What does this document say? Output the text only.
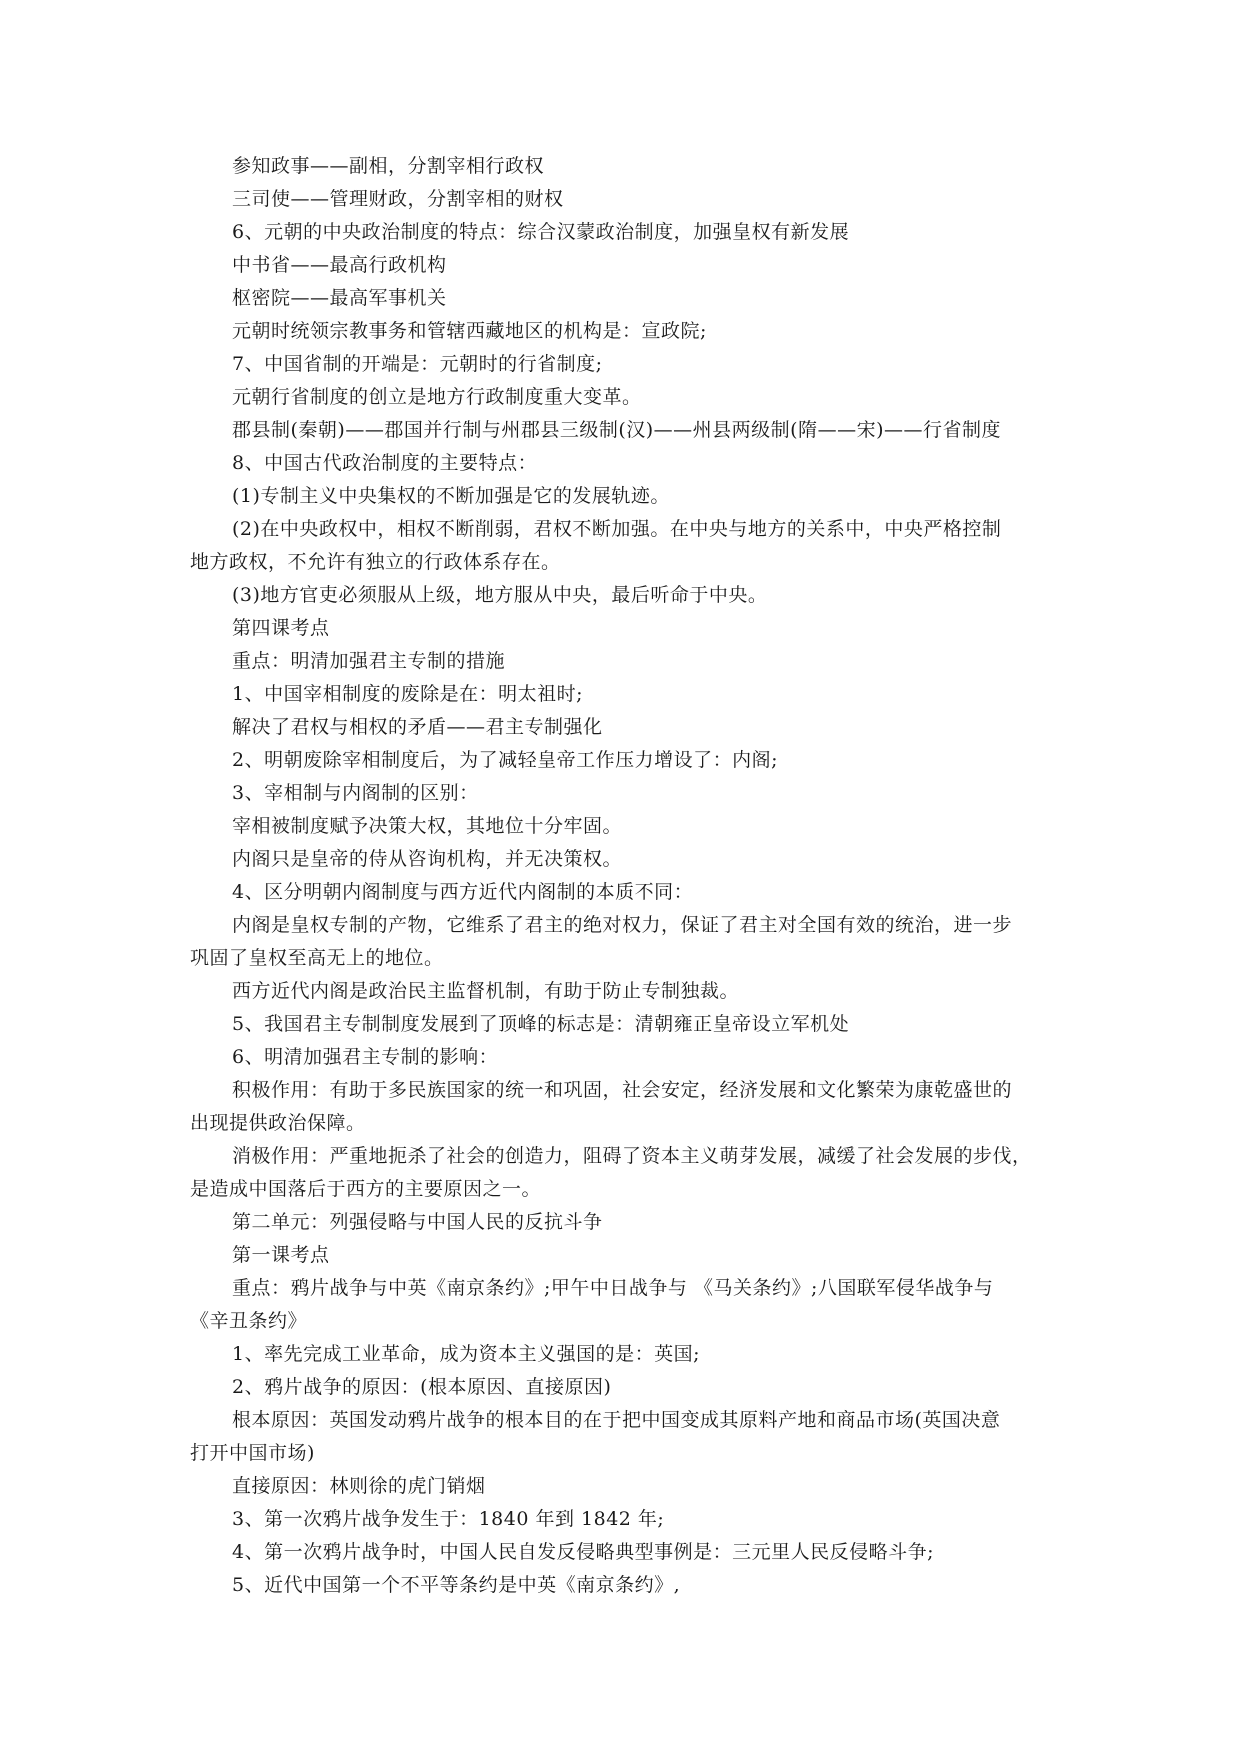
参知政事——副相，分割宰相行政权
三司使——管理财政，分割宰相的财权
6、元朝的中央政治制度的特点：综合汉蒙政治制度，加强皇权有新发展
中书省——最高行政机构
枢密院——最高军事机关
元朝时统领宗教事务和管辖西藏地区的机构是：宣政院;
7、中国省制的开端是：元朝时的行省制度;
元朝行省制度的创立是地方行政制度重大变革。
郡县制(秦朝)——郡国并行制与州郡县三级制(汉)——州县两级制(隋——宋)——行省制度
8、中国古代政治制度的主要特点：
(1)专制主义中央集权的不断加强是它的发展轨迹。
(2)在中央政权中，相权不断削弱，君权不断加强。在中央与地方的关系中，中央严格控制
地方政权，不允许有独立的行政体系存在。
(3)地方官吏必须服从上级，地方服从中央，最后听命于中央。
第四课考点
重点：明清加强君主专制的措施
1、中国宰相制度的废除是在：明太祖时;
解决了君权与相权的矛盾——君主专制强化
2、明朝废除宰相制度后，为了减轻皇帝工作压力增设了：内阁;
3、宰相制与内阁制的区别：
宰相被制度赋予决策大权，其地位十分牢固。
内阁只是皇帝的侍从咨询机构，并无决策权。
4、区分明朝内阁制度与西方近代内阁制的本质不同：
内阁是皇权专制的产物，它维系了君主的绝对权力，保证了君主对全国有效的统治，进一步
巩固了皇权至高无上的地位。
西方近代内阁是政治民主监督机制，有助于防止专制独裁。
5、我国君主专制制度发展到了顶峰的标志是：清朝雍正皇帝设立军机处
6、明清加强君主专制的影响：
积极作用：有助于多民族国家的统一和巩固，社会安定，经济发展和文化繁荣为康乾盛世的
出现提供政治保障。
消极作用：严重地扼杀了社会的创造力，阻碍了资本主义萌芽发展，减缓了社会发展的步伐，
是造成中国落后于西方的主要原因之一。
第二单元：列强侵略与中国人民的反抗斗争
第一课考点
重点：鸦片战争与中英《南京条约》;甲午中日战争与 《马关条约》;八国联军侵华战争与
《辛丑条约》
1、率先完成工业革命，成为资本主义强国的是：英国;
2、鸦片战争的原因：(根本原因、直接原因)
根本原因：英国发动鸦片战争的根本目的在于把中国变成其原料产地和商品市场(英国决意
打开中国市场)
直接原因：林则徐的虎门销烟
3、第一次鸦片战争发生于：1840 年到 1842 年;
4、第一次鸦片战争时，中国人民自发反侵略典型事例是：三元里人民反侵略斗争;
5、近代中国第一个不平等条约是中英《南京条约》,
